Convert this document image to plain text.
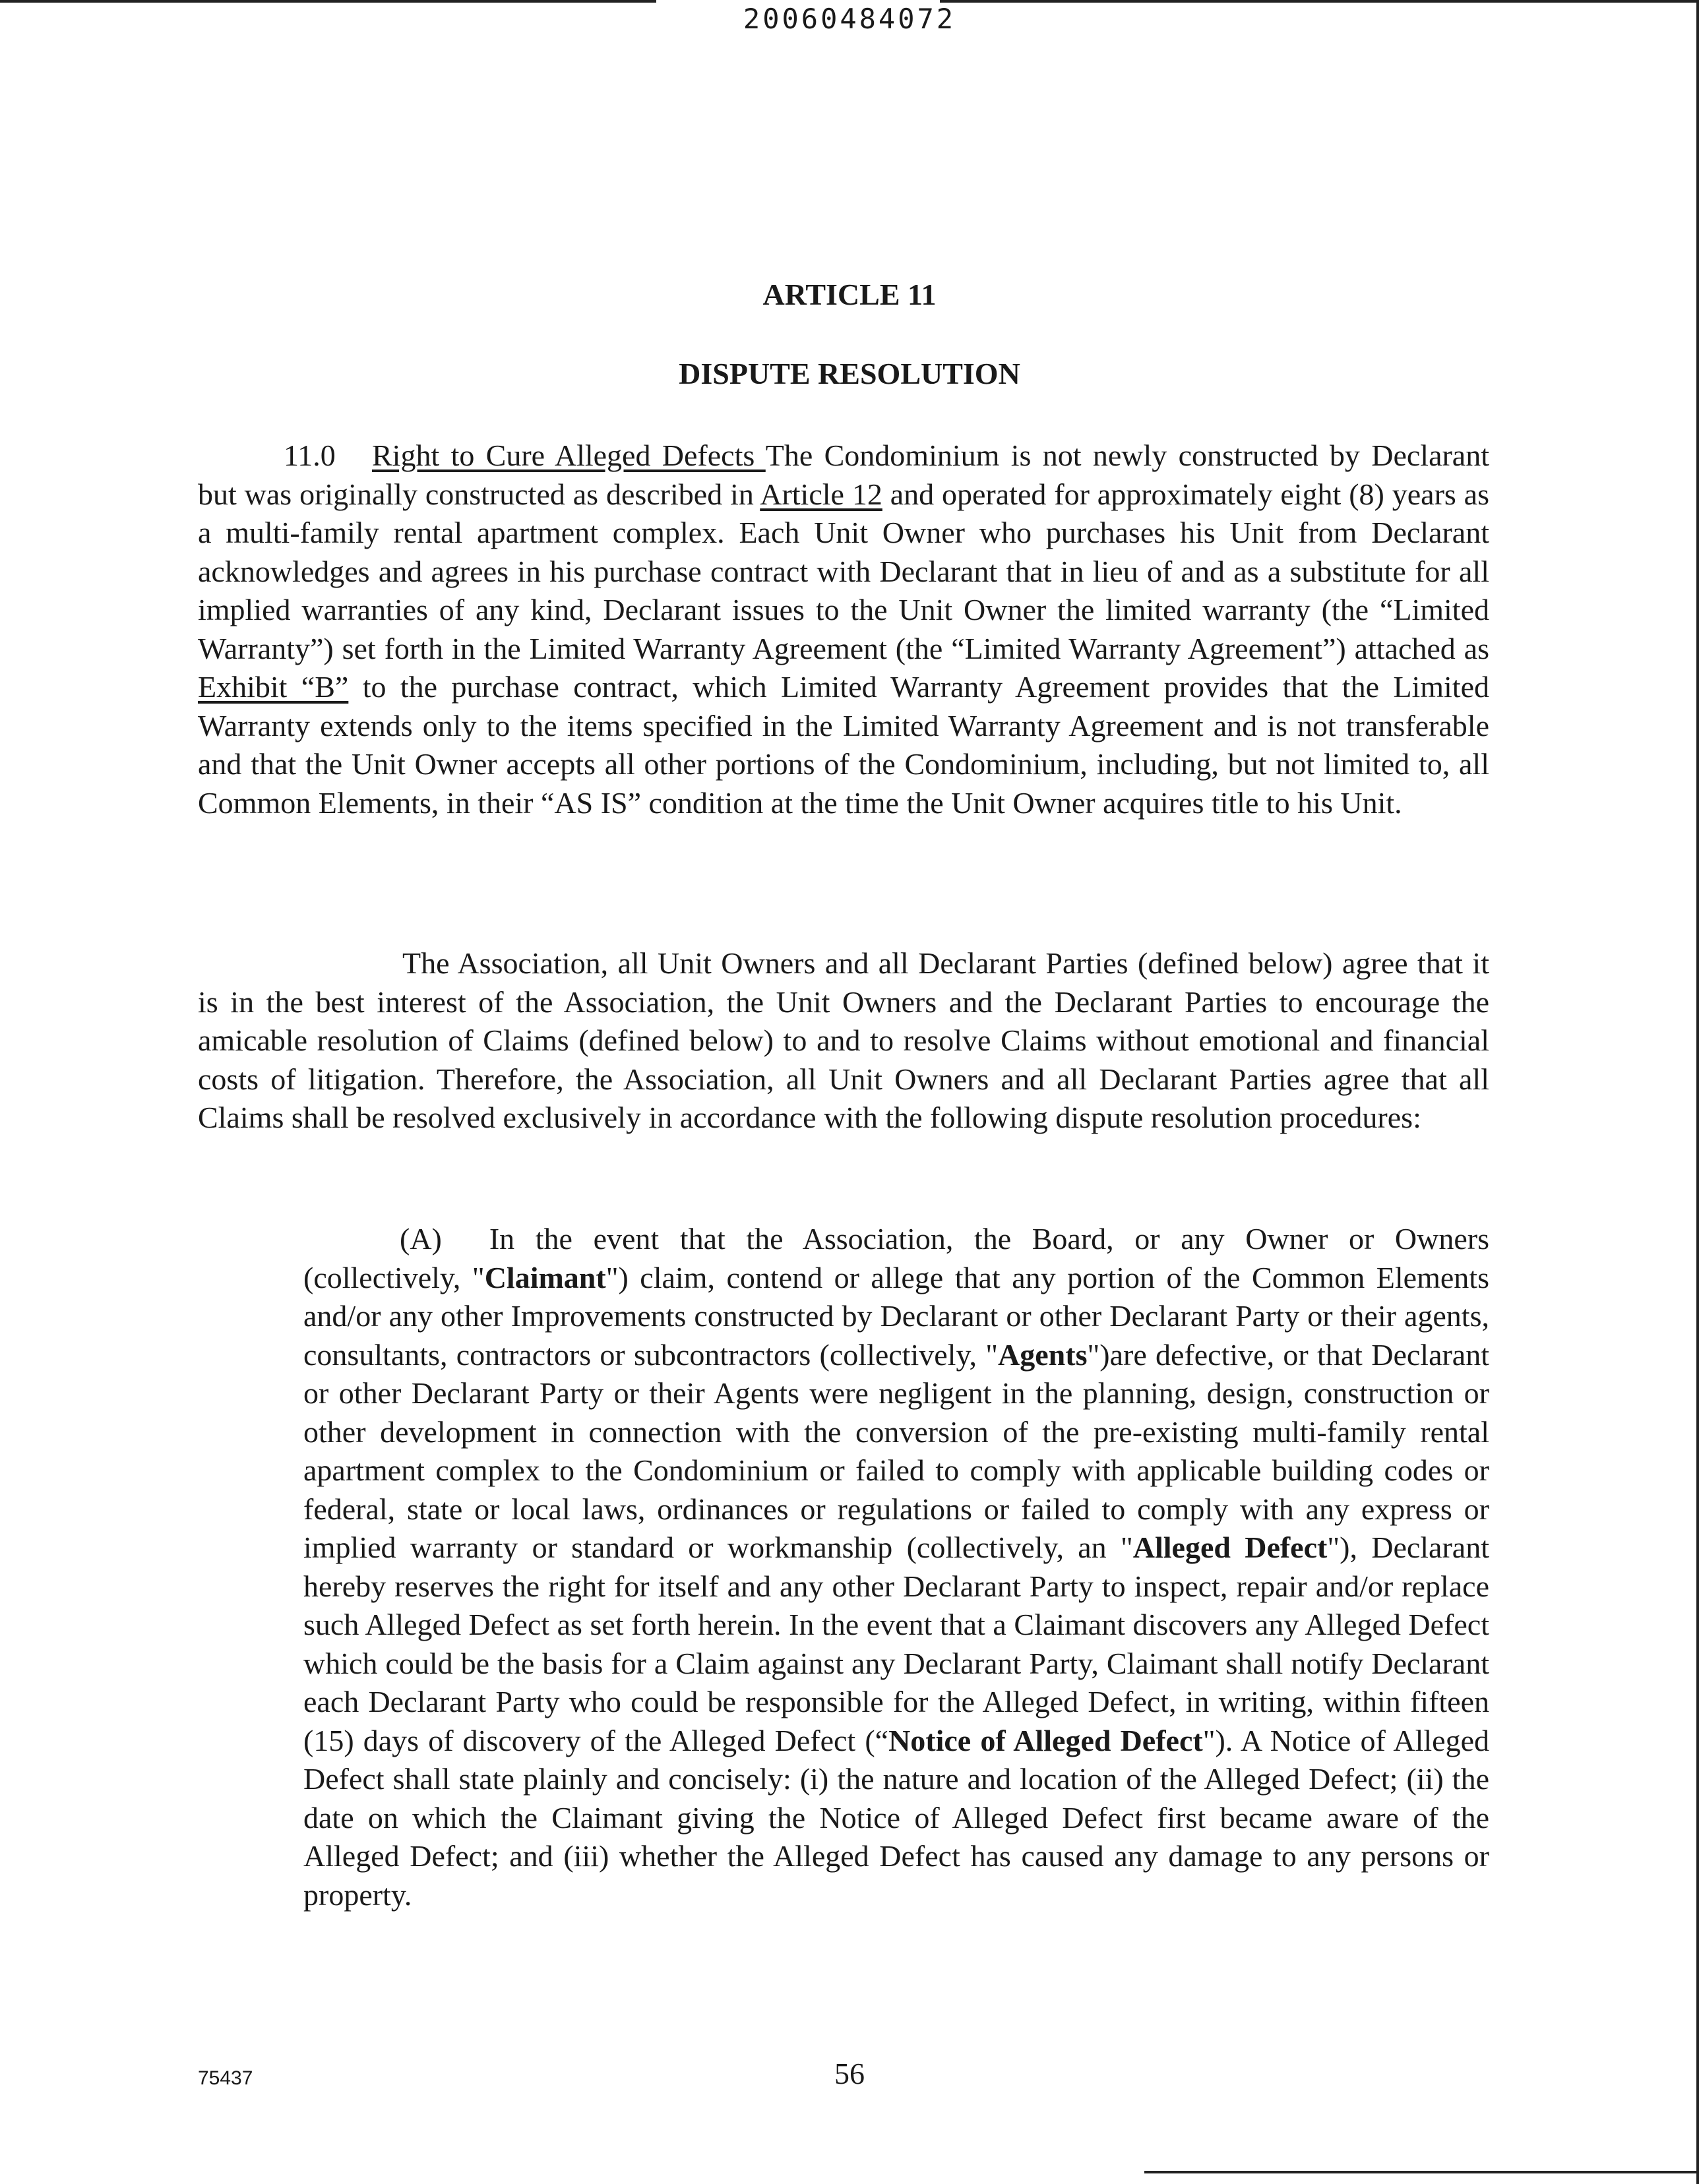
20060484072
ARTICLE 11
DISPUTE RESOLUTION

11.0 Right to Cure Alleged Defects The Condominium is not newly constructed by Declarant but was originally constructed as described in Article 12 and operated for approximately eight (8) years as a multi-family rental apartment complex. Each Unit Owner who purchases his Unit from Declarant acknowledges and agrees in his purchase contract with Declarant that in lieu of and as a substitute for all implied warranties of any kind, Declarant issues to the Unit Owner the limited warranty (the “Limited Warranty”) set forth in the Limited Warranty Agreement (the “Limited Warranty Agreement”) attached as Exhibit “B” to the purchase contract, which Limited Warranty Agreement provides that the Limited Warranty extends only to the items specified in the Limited Warranty Agreement and is not transferable and that the Unit Owner accepts all other portions of the Condominium, including, but not limited to, all Common Elements, in their “AS IS” condition at the time the Unit Owner acquires title to his Unit.

The Association, all Unit Owners and all Declarant Parties (defined below) agree that it is in the best interest of the Association, the Unit Owners and the Declarant Parties to encourage the amicable resolution of Claims (defined below) to and to resolve Claims without emotional and financial costs of litigation. Therefore, the Association, all Unit Owners and all Declarant Parties agree that all Claims shall be resolved exclusively in accordance with the following dispute resolution procedures:

(A) In the event that the Association, the Board, or any Owner or Owners (collectively, "Claimant") claim, contend or allege that any portion of the Common Elements and/or any other Improvements constructed by Declarant or other Declarant Party or their agents, consultants, contractors or subcontractors (collectively, "Agents")are defective, or that Declarant or other Declarant Party or their Agents were negligent in the planning, design, construction or other development in connection with the conversion of the pre-existing multi-family rental apartment complex to the Condominium or failed to comply with applicable building codes or federal, state or local laws, ordinances or regulations or failed to comply with any express or implied warranty or standard or workmanship (collectively, an "Alleged Defect"), Declarant hereby reserves the right for itself and any other Declarant Party to inspect, repair and/or replace such Alleged Defect as set forth herein. In the event that a Claimant discovers any Alleged Defect which could be the basis for a Claim against any Declarant Party, Claimant shall notify Declarant each Declarant Party who could be responsible for the Alleged Defect, in writing, within fifteen (15) days of discovery of the Alleged Defect (“Notice of Alleged Defect"). A Notice of Alleged Defect shall state plainly and concisely: (i) the nature and location of the Alleged Defect; (ii) the date on which the Claimant giving the Notice of Alleged Defect first became aware of the Alleged Defect; and (iii) whether the Alleged Defect has caused any damage to any persons or property.

75437	56
